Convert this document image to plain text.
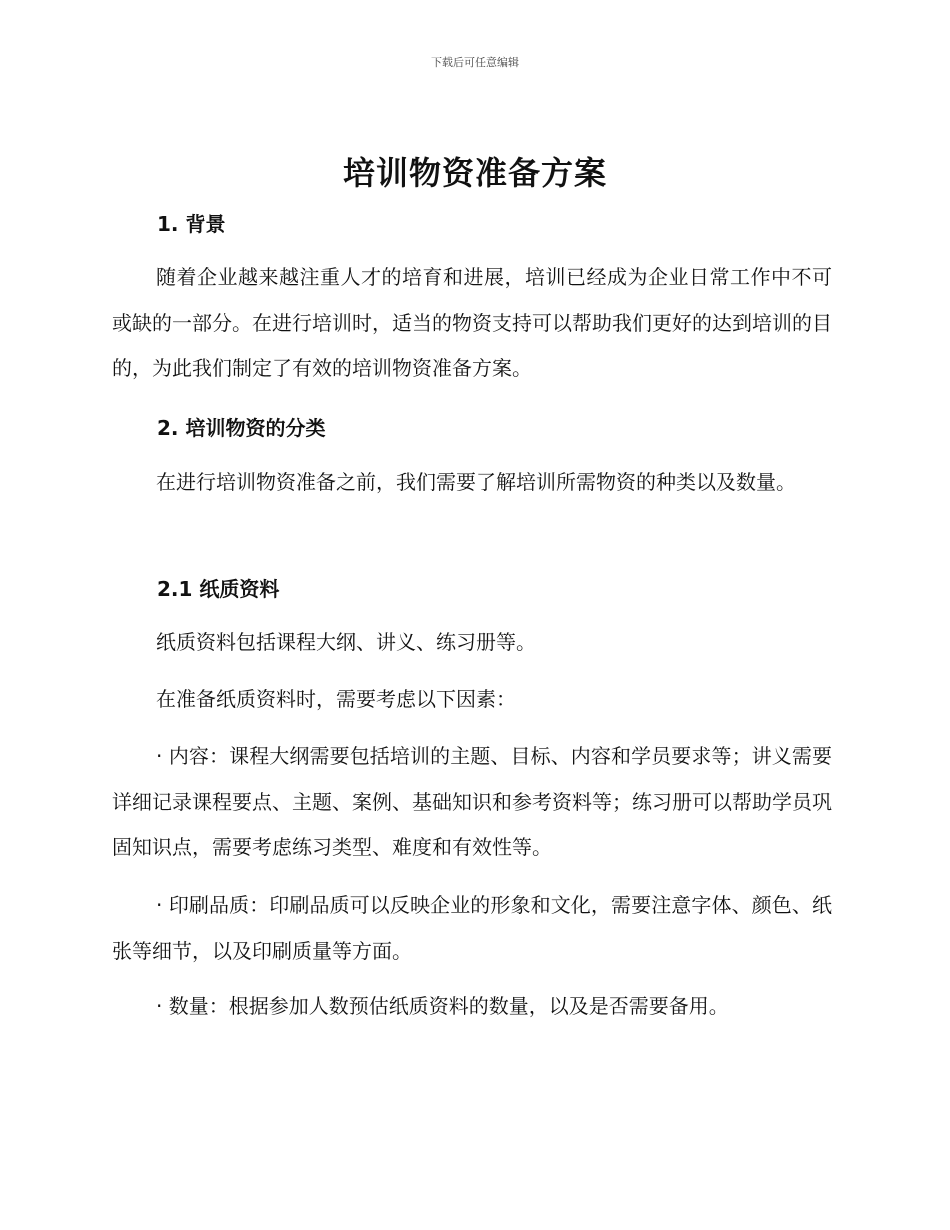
下载后可任意编辑
培训物资准备方案
1. 背景
随着企业越来越注重人才的培育和进展，培训已经成为企业日常工作中不可或缺的一部分。在进行培训时，适当的物资支持可以帮助我们更好的达到培训的目的，为此我们制定了有效的培训物资准备方案。
2. 培训物资的分类
在进行培训物资准备之前，我们需要了解培训所需物资的种类以及数量。
2.1 纸质资料
纸质资料包括课程大纲、讲义、练习册等。
在准备纸质资料时，需要考虑以下因素：
· 内容：课程大纲需要包括培训的主题、目标、内容和学员要求等；讲义需要详细记录课程要点、主题、案例、基础知识和参考资料等；练习册可以帮助学员巩固知识点，需要考虑练习类型、难度和有效性等。
· 印刷品质：印刷品质可以反映企业的形象和文化，需要注意字体、颜色、纸张等细节，以及印刷质量等方面。
· 数量：根据参加人数预估纸质资料的数量，以及是否需要备用。
